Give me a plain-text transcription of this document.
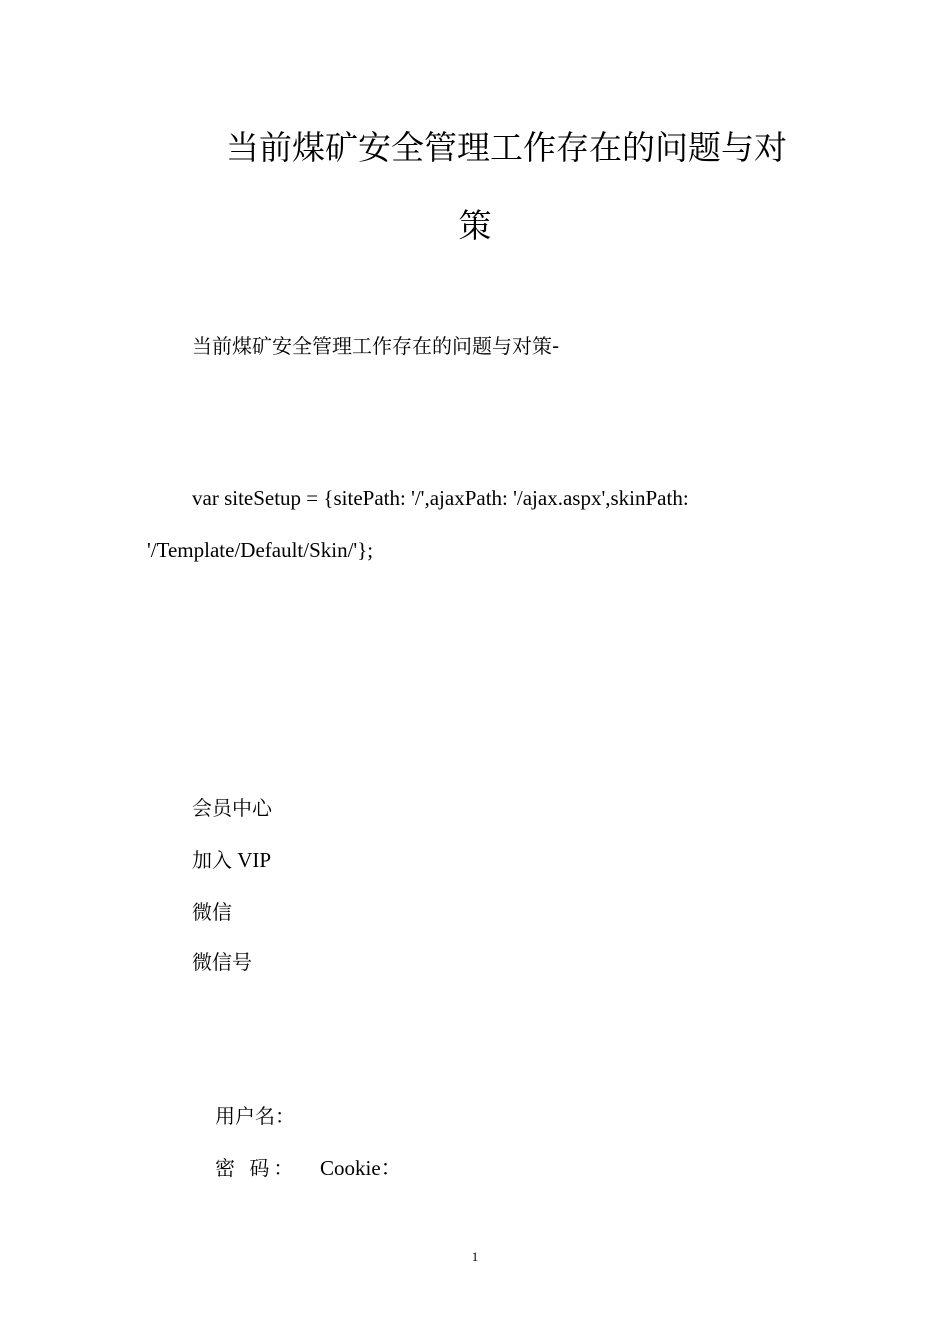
当前煤矿安全管理工作存在的问题与对
策
当前煤矿安全管理工作存在的问题与对策-
var siteSetup = {sitePath: '/',ajaxPath: '/ajax.aspx',skinPath:
'/Template/Default/Skin/'};
会员中心
加入 VIP
微信
微信号
用户名：
密 码： Cookie：
1
